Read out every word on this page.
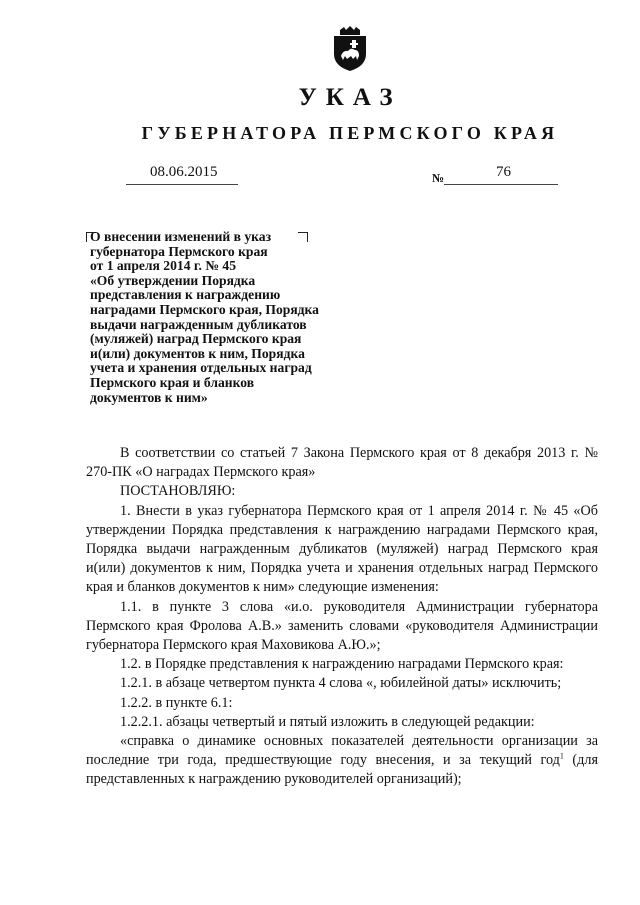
УКАЗ
ГУБЕРНАТОРА ПЕРМСКОГО КРАЯ
08.06.2015	№	76
О внесении изменений в указ
губернатора Пермского края
от 1 апреля 2014 г. № 45
«Об утверждении Порядка
представления к награждению
наградами Пермского края, Порядка
выдачи награжденным дубликатов
(муляжей) наград Пермского края
и(или) документов к ним, Порядка
учета и хранения отдельных наград
Пермского края и бланков
документов к ним»

В соответствии со статьей 7 Закона Пермского края от 8 декабря 2013 г. № 270-ПК «О наградах Пермского края»

ПОСТАНОВЛЯЮ:

1. Внести в указ губернатора Пермского края от 1 апреля 2014 г. № 45 «Об утверждении Порядка представления к награждению наградами Пермского края, Порядка выдачи награжденным дубликатов (муляжей) наград Пермского края и(или) документов к ним, Порядка учета и хранения отдельных наград Пермского края и бланков документов к ним» следующие изменения:

1.1. в пункте 3 слова «и.о. руководителя Администрации губернатора Пермского края Фролова А.В.» заменить словами «руководителя Администрации губернатора Пермского края Маховикова А.Ю.»;

1.2. в Порядке представления к награждению наградами Пермского края:

1.2.1. в абзаце четвертом пункта 4 слова «, юбилейной даты» исключить;

1.2.2. в пункте 6.1:

1.2.2.1. абзацы четвертый и пятый изложить в следующей редакции:

«справка о динамике основных показателей деятельности организации за последние три года, предшествующие году внесения, и за текущий год$^1$ (для представленных к награждению руководителей организаций);
